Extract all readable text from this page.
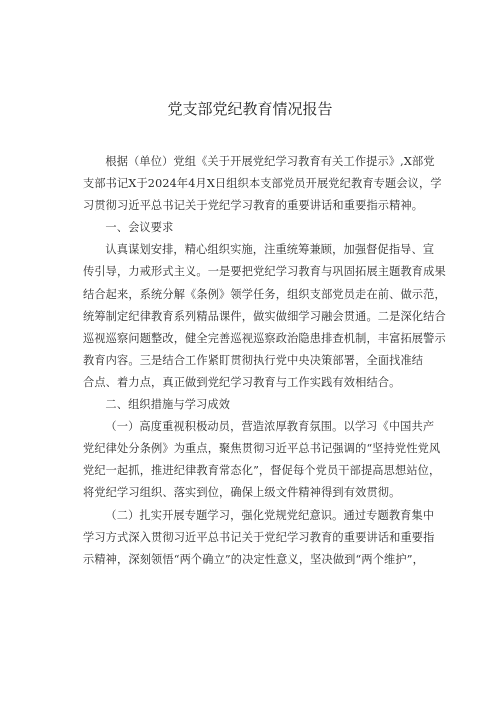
党支部党纪教育情况报告

根据（单位）党组《关于开展党纪学习教育有关工作提示》,X部党
支部书记X于2024年4月X日组织本支部党员开展党纪教育专题会议，学
习贯彻习近平总书记关于党纪学习教育的重要讲话和重要指示精神。

一、会议要求

认真谋划安排，精心组织实施，注重统筹兼顾，加强督促指导、宣
传引导，力戒形式主义。一是要把党纪学习教育与巩固拓展主题教育成果
结合起来，系统分解《条例》领学任务，组织支部党员走在前、做示范，
统筹制定纪律教育系列精品课件，做实做细学习融会贯通。二是深化结合
巡视巡察问题整改，健全完善巡视巡察政治隐患排查机制，丰富拓展警示
教育内容。三是结合工作紧盯贯彻执行党中央决策部署，全面找准结
合点、着力点，真正做到党纪学习教育与工作实践有效相结合。

二、组织措施与学习成效

（一）高度重视积极动员，营造浓厚教育氛围。以学习《中国共产
党纪律处分条例》为重点，聚焦贯彻习近平总书记强调的“坚持党性党风
党纪一起抓，推进纪律教育常态化”，督促每个党员干部提高思想站位，
将党纪学习组织、落实到位，确保上级文件精神得到有效贯彻。

（二）扎实开展专题学习，强化党规党纪意识。通过专题教育集中
学习方式深入贯彻习近平总书记关于党纪学习教育的重要讲话和重要指
示精神，深刻领悟“两个确立”的决定性意义，坚决做到“两个维护”，
